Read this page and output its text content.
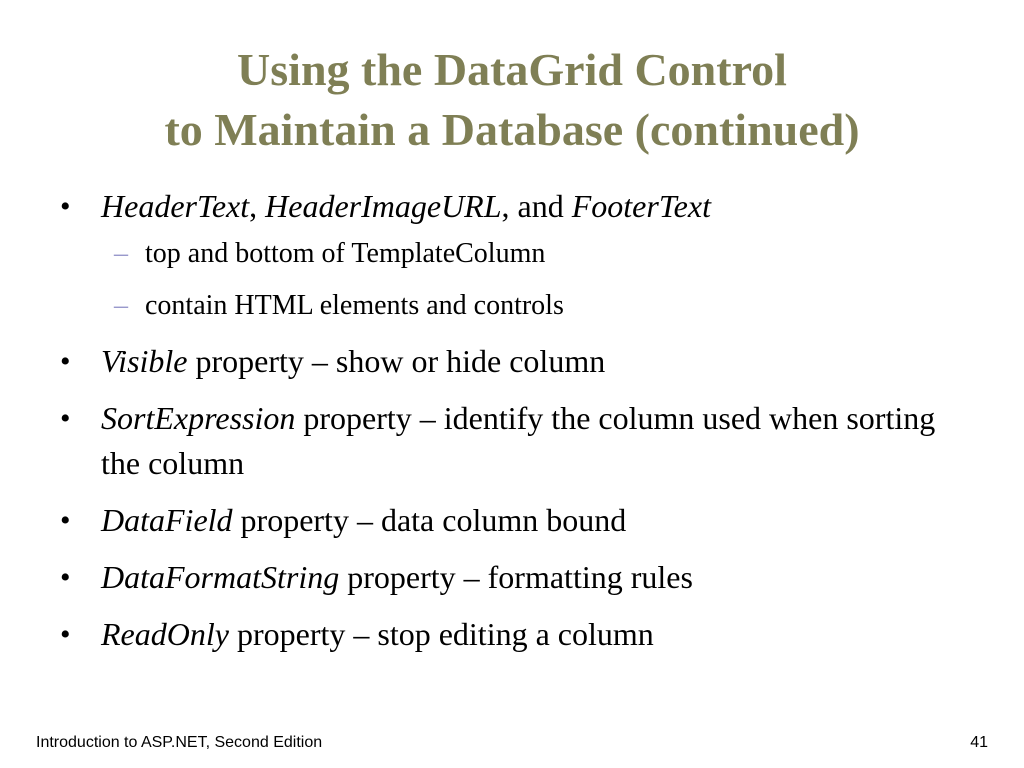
Using the DataGrid Control
to Maintain a Database (continued)
• HeaderText, HeaderImageURL, and FooterText
– top and bottom of TemplateColumn
– contain HTML elements and controls
• Visible property – show or hide column
• SortExpression property – identify the column used when sorting the column
• DataField property – data column bound
• DataFormatString property – formatting rules
• ReadOnly property – stop editing a column
Introduction to ASP.NET, Second Edition	41
